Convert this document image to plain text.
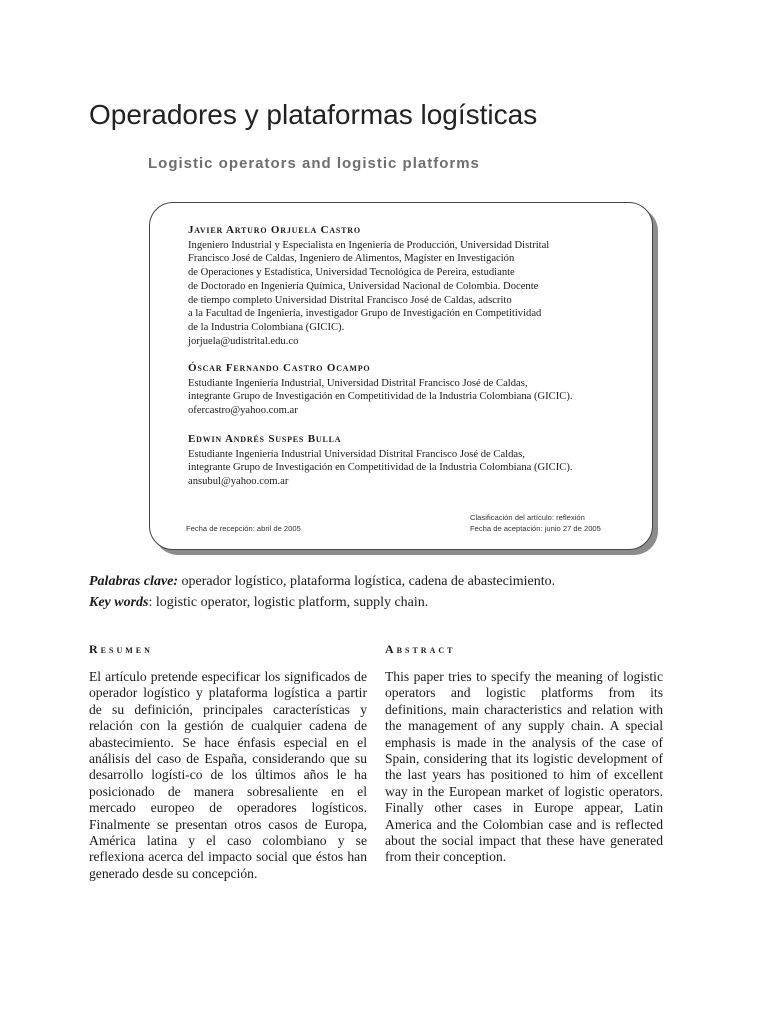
Operadores y plataformas logísticas
Logistic operators and logistic platforms
Javier Arturo Orjuela Castro
Ingeniero Industrial y Especialista en Ingeniería de Producción, Universidad Distrital
Francisco José de Caldas, Ingeniero de Alimentos, Magíster en Investigación
de Operaciones y Estadística, Universidad Tecnológica de Pereira, estudiante
de Doctorado en Ingeniería Química, Universidad Nacional de Colombia. Docente
de tiempo completo Universidad Distrital Francisco José de Caldas, adscrito
a la Facultad de Ingeniería, investigador Grupo de Investigación en Competitividad
de la Industria Colombiana (GICIC).
jorjuela@udistrital.edu.co
Óscar Fernando Castro Ocampo
Estudiante Ingeniería Industrial, Universidad Distrital Francisco José de Caldas,
integrante Grupo de Investigación en Competitividad de la Industria Colombiana (GICIC).
ofercastro@yahoo.com.ar
Edwin Andrés Suspes Bulla
Estudiante Ingeniería Industrial Universidad Distrital Francisco José de Caldas,
integrante Grupo de Investigación en Competitividad de la Industria Colombiana (GICIC).
ansubul@yahoo.com.ar
Fecha de recepción: abril de 2005
Clasificación del artículo: reflexión
Fecha de aceptación: junio 27 de 2005
Palabras clave: operador logístico, plataforma logística, cadena de abastecimiento.
Key words: logistic operator, logistic platform, supply chain.
Resumen	Abstract
El artículo pretende especificar los significados de operador logístico y plataforma logística a partir de su definición, principales características y relación con la gestión de cualquier cadena de abastecimiento. Se hace énfasis especial en el análisis del caso de España, considerando que su desarrollo logísti-co de los últimos años le ha posicionado de manera sobresaliente en el mercado europeo de operadores logísticos. Finalmente se presentan otros casos de Europa, América latina y el caso colombiano y se reflexiona acerca del impacto social que éstos han generado desde su concepción.
This paper tries to specify the meaning of logistic operators and logistic platforms from its definitions, main characteristics and relation with the management of any supply chain. A special emphasis is made in the analysis of the case of Spain, considering that its logistic development of the last years has positioned to him of excellent way in the European market of logistic operators. Finally other cases in Europe appear, Latin America and the Colombian case and is reflected about the social impact that these have generated from their conception.
